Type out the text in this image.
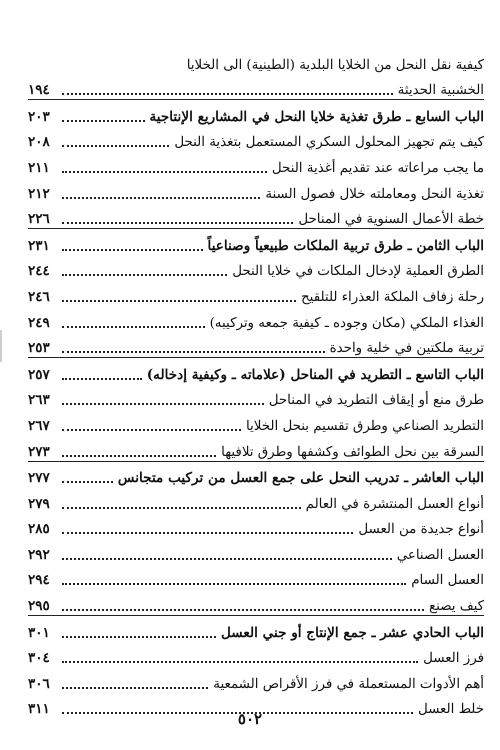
كيفية نقل النحل من الخلايا البلدية (الطينية) الى الخلايا
الخشبية الحديثة
١٩٤
الباب السابع ـ طرق تغذية خلايا النحل في المشاريع الإنتاجية
٢٠٣
كيف يتم تجهيز المحلول السكري المستعمل بتغذية النحل
٢٠٨
ما يجب مراعاته عند تقديم أغذية النحل
٢١١
تغذية النحل ومعاملته خلال فصول السنة
٢١٢
خطة الأعمال السنوية في المناحل
٢٢٦
الباب الثامن ـ طرق تربية الملكات طبيعياً وصناعياً
٢٣١
الطرق العملية لإدخال الملكات في خلايا النحل
٢٤٤
رحلة زفاف الملكة العذراء للتلقيح
٢٤٦
الغذاء الملكي (مكان وجوده ـ كيفية جمعه وتركيبه)
٢٤٩
تربية ملكتين في خلية واحدة
٢٥٣
الباب التاسع ـ التطريد في المناحل (علاماته ـ وكيفية إدخاله)
٢٥٧
طرق منع أو إيقاف التطريد في المناحل
٢٦٣
التطريد الصناعي وطرق تقسيم بنحل الخلايا
٢٦٧
السرقة بين نحل الطوائف وكشفها وطرق تلافيها
٢٧٣
الباب العاشر ـ تدريب النحل على جمع العسل من تركيب متجانس
٢٧٧
أنواع العسل المنتشرة في العالم
٢٧٩
أنواع جديدة من العسل
٢٨٥
العسل الصناعي
٢٩٢
العسل السام
٢٩٤
كيف يصنع
٢٩٥
الباب الحادي عشر ـ جمع الإنتاج أو جني العسل
٣٠١
فرز العسل
٣٠٤
أهم الأدوات المستعملة في فرز الأقراص الشمعية
٣٠٦
خلط العسل
٣١١
٥٠٢
